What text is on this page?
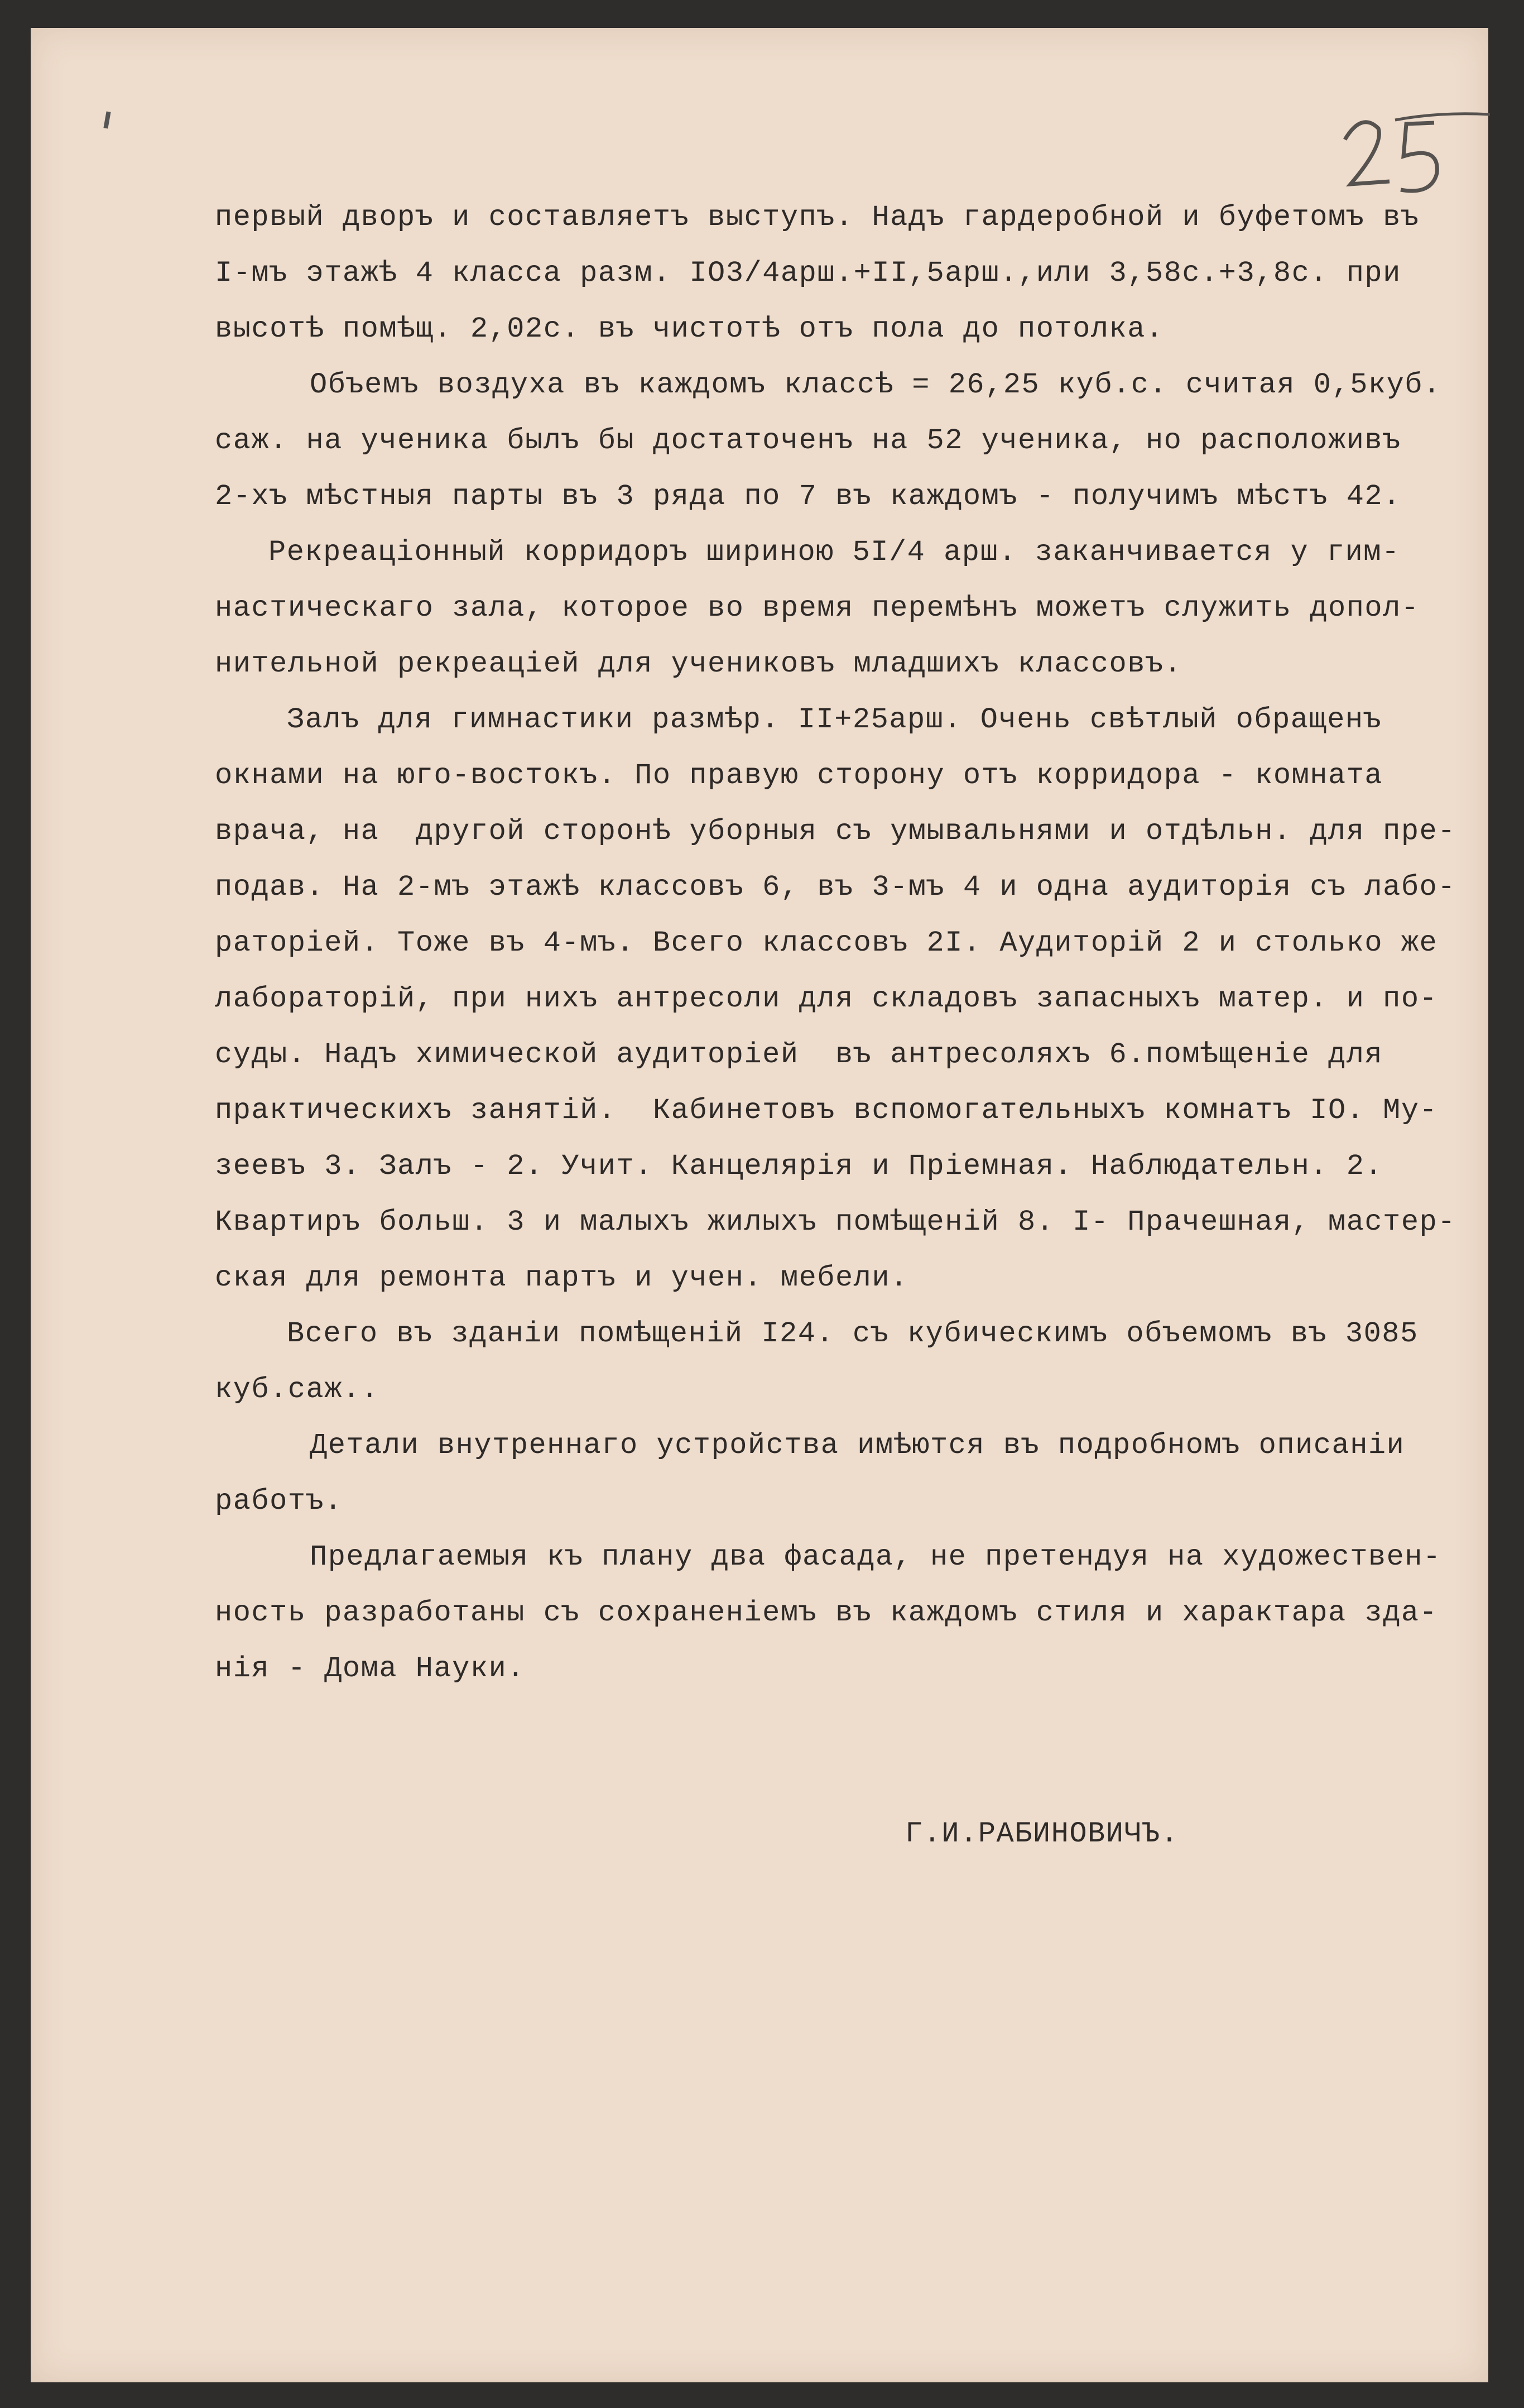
первый дворъ и составляетъ выступъ. Надъ гардеробной и буфетомъ въ
I-мъ этажѣ 4 класса разм. IO3/4арш.+II,5арш.,или 3,58с.+3,8с. при
высотѣ помѣщ. 2,02с. въ чистотѣ отъ пола до потолка.
Объемъ воздуха въ каждомъ классѣ = 26,25 куб.с. считая 0,5куб.
саж. на ученика былъ бы достаточенъ на 52 ученика, но расположивъ
2-хъ мѣстныя парты въ 3 ряда по 7 въ каждомъ - получимъ мѣстъ 42.
Рекреацiонный корридоръ шириною 5I/4 арш. заканчивается у гим-
настическаго зала, которое во время перемѣнъ можетъ служить допол-
нительной рекреацiей для учениковъ младшихъ классовъ.
Залъ для гимнастики размѣр. II+25арш. Очень свѣтлый обращенъ
окнами на юго-востокъ. По правую сторону отъ корридора - комната
врача, на  другой сторонѣ уборныя съ умывальнями и отдѣльн. для пре-
подав. На 2-мъ этажѣ классовъ 6, въ 3-мъ 4 и одна аудиторiя съ лабо-
раторiей. Тоже въ 4-мъ. Всего классовъ 2I. Аудиторiй 2 и столько же
лабораторiй, при нихъ антресоли для складовъ запасныхъ матер. и по-
суды. Надъ химической аудиторiей  въ антресоляхъ 6.помѣщенiе для
практическихъ занятiй.  Кабинетовъ вспомогательныхъ комнатъ IO. Му-
зеевъ 3. Залъ - 2. Учит. Канцелярiя и Прiемная. Наблюдательн. 2.
Квартиръ больш. 3 и малыхъ жилыхъ помѣщенiй 8. I- Прачешная, мастер-
ская для ремонта партъ и учен. мебели.
Всего въ зданiи помѣщенiй I24. съ кубическимъ объемомъ въ 3085
куб.саж..
Детали внутреннаго устройства имѣются въ подробномъ описанiи
работъ.
Предлагаемыя къ плану два фасада, не претендуя на художествен-
ность разработаны съ сохраненiемъ въ каждомъ стиля и характара зда-
нiя - Дома Науки.
Г.И.РАБИНОВИЧЪ.
